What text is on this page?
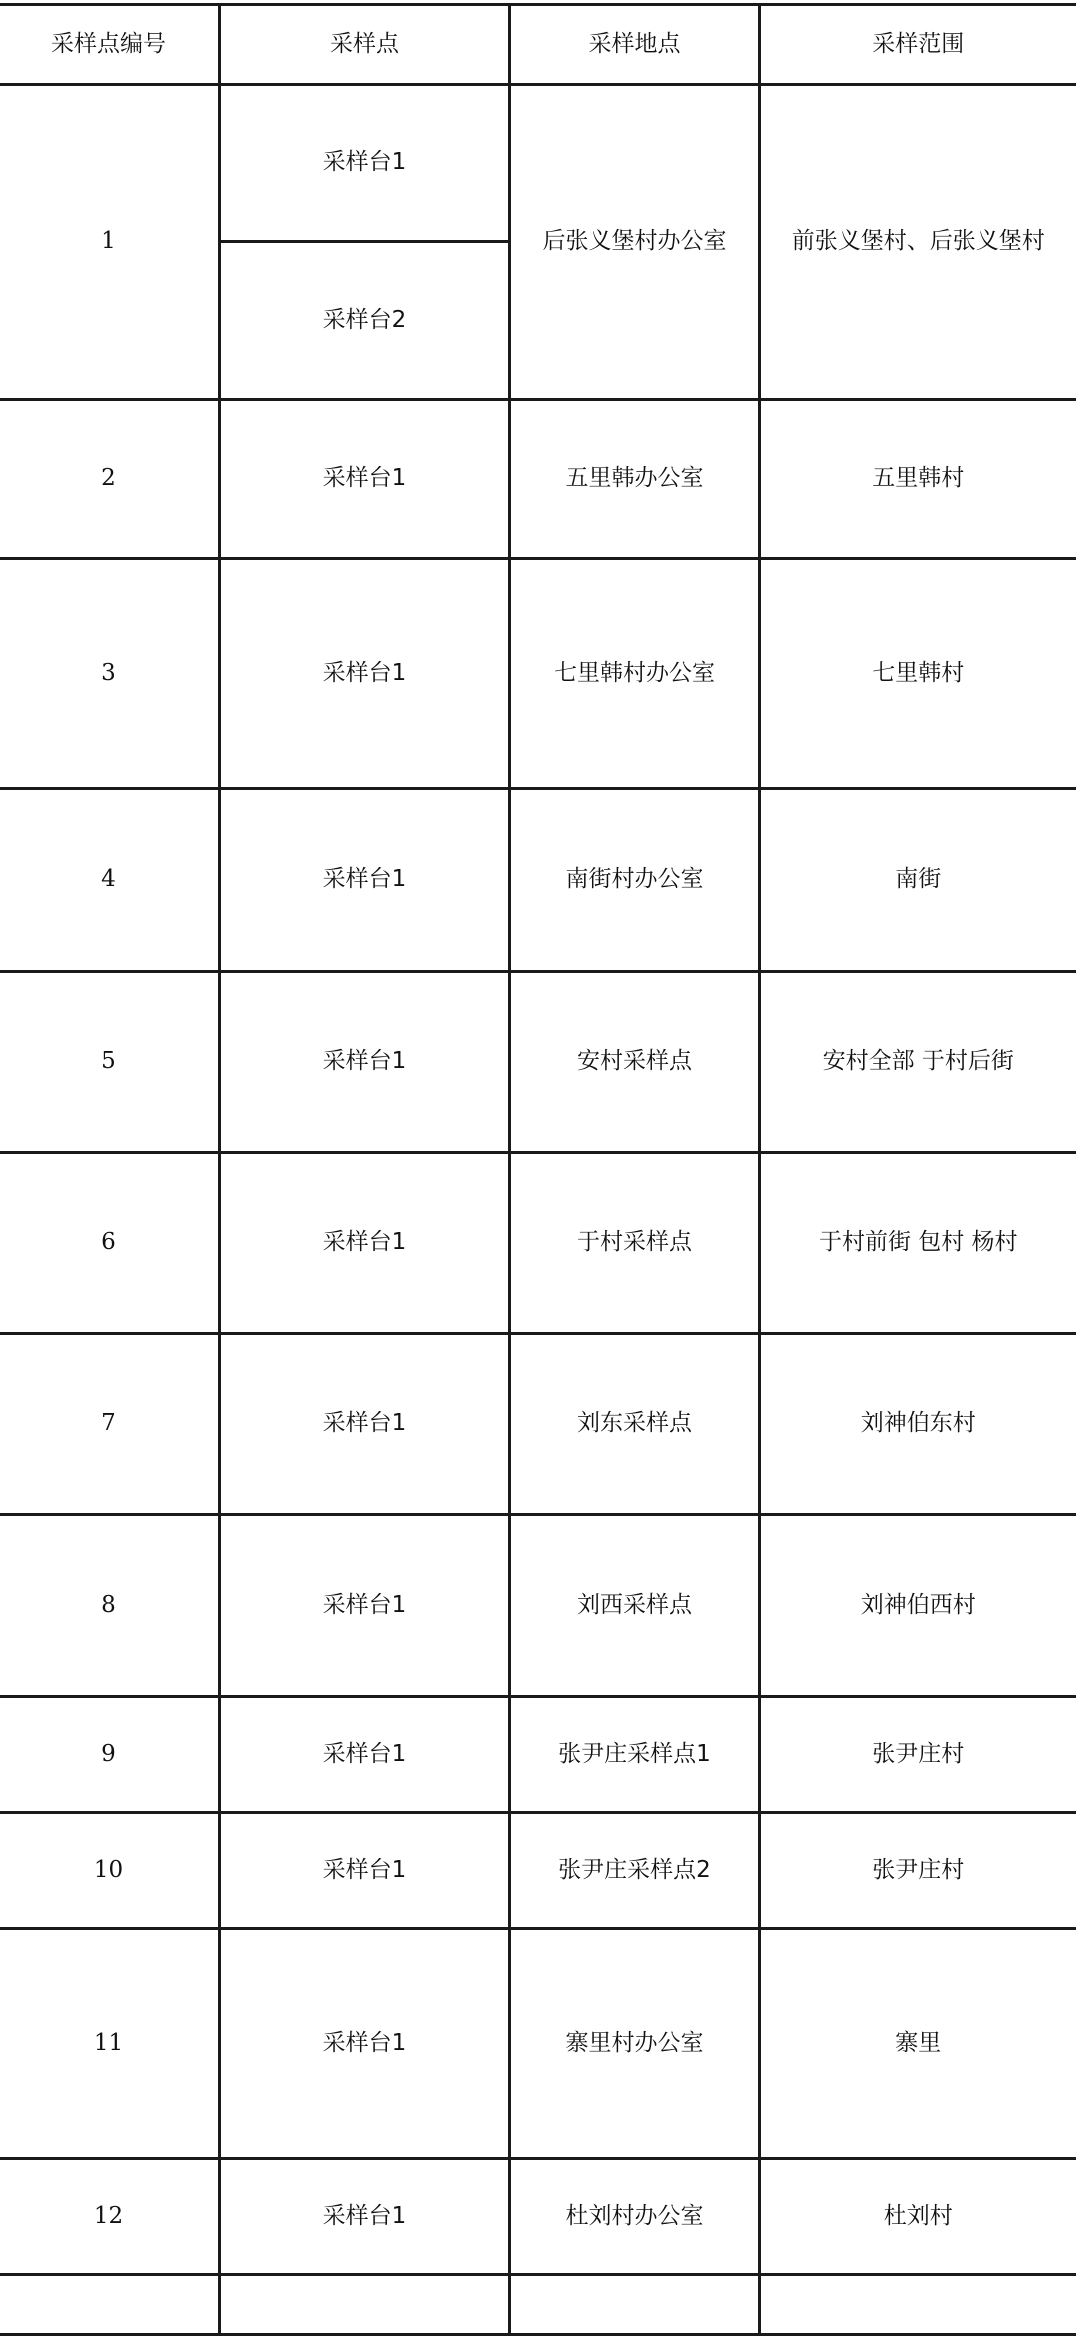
采样点编号	采样点	采样地点	采样范围
1	采样台1	后张义堡村办公室	前张义堡村、后张义堡村
	采样台2		
2	采样台1	五里韩办公室	五里韩村
3	采样台1	七里韩村办公室	七里韩村
4	采样台1	南街村办公室	南街
5	采样台1	安村采样点	安村全部 于村后街
6	采样台1	于村采样点	于村前街 包村 杨村
7	采样台1	刘东采样点	刘神伯东村
8	采样台1	刘西采样点	刘神伯西村
9	采样台1	张尹庄采样点1	张尹庄村
10	采样台1	张尹庄采样点2	张尹庄村
11	采样台1	寨里村办公室	寨里
12	采样台1	杜刘村办公室	杜刘村
